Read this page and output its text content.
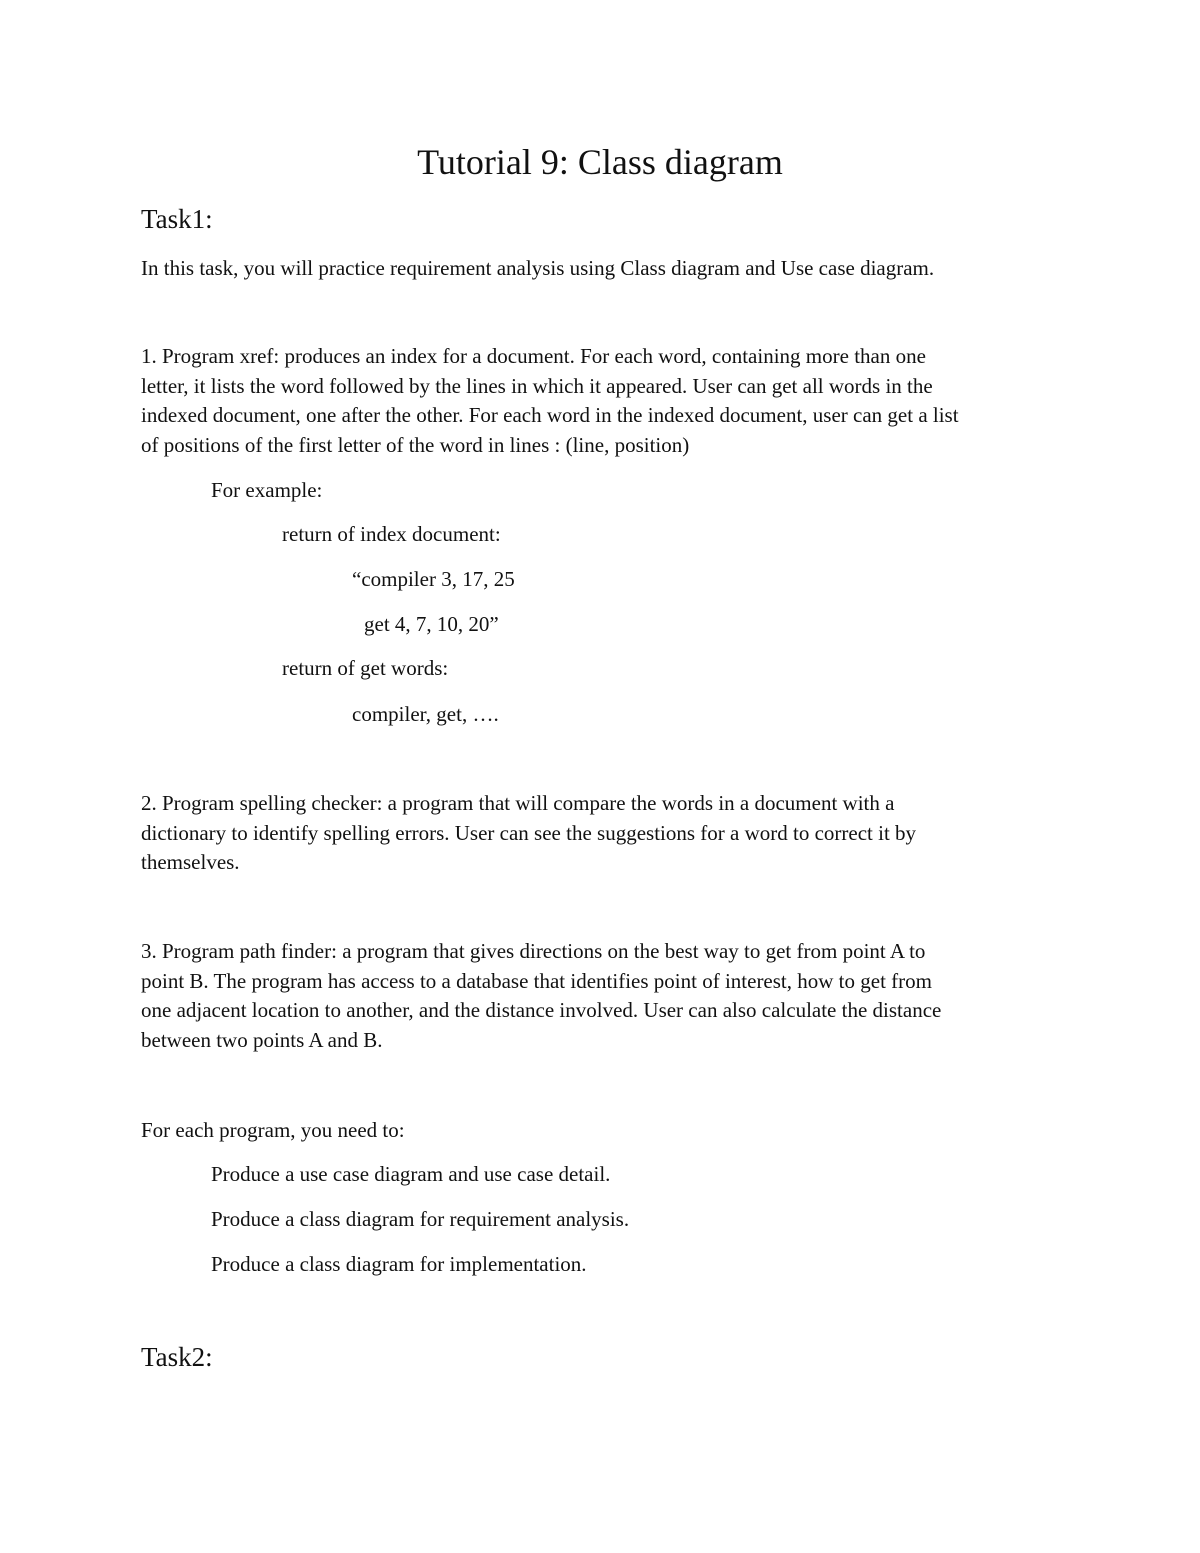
Tutorial 9: Class diagram
Task1:
In this task, you will practice requirement analysis using Class diagram and Use case diagram.
1. Program xref: produces an index for a document. For each word, containing more than one
letter, it lists the word followed by the lines in which it appeared. User can get all words in the
indexed document, one after the other. For each word in the indexed document, user can get a list
of positions of the first letter of the word in lines : (line, position)
For example:
return of index document:
“compiler 3, 17, 25
get 4, 7, 10, 20”
return of get words:
compiler, get, ….
2. Program spelling checker: a program that will compare the words in a document with a
dictionary to identify spelling errors. User can see the suggestions for a word to correct it by
themselves.
3. Program path finder: a program that gives directions on the best way to get from point A to
point B. The program has access to a database that identifies point of interest, how to get from
one adjacent location to another, and the distance involved. User can also calculate the distance
between two points A and B.
For each program, you need to:
Produce a use case diagram and use case detail.
Produce a class diagram for requirement analysis.
Produce a class diagram for implementation.
Task2:
